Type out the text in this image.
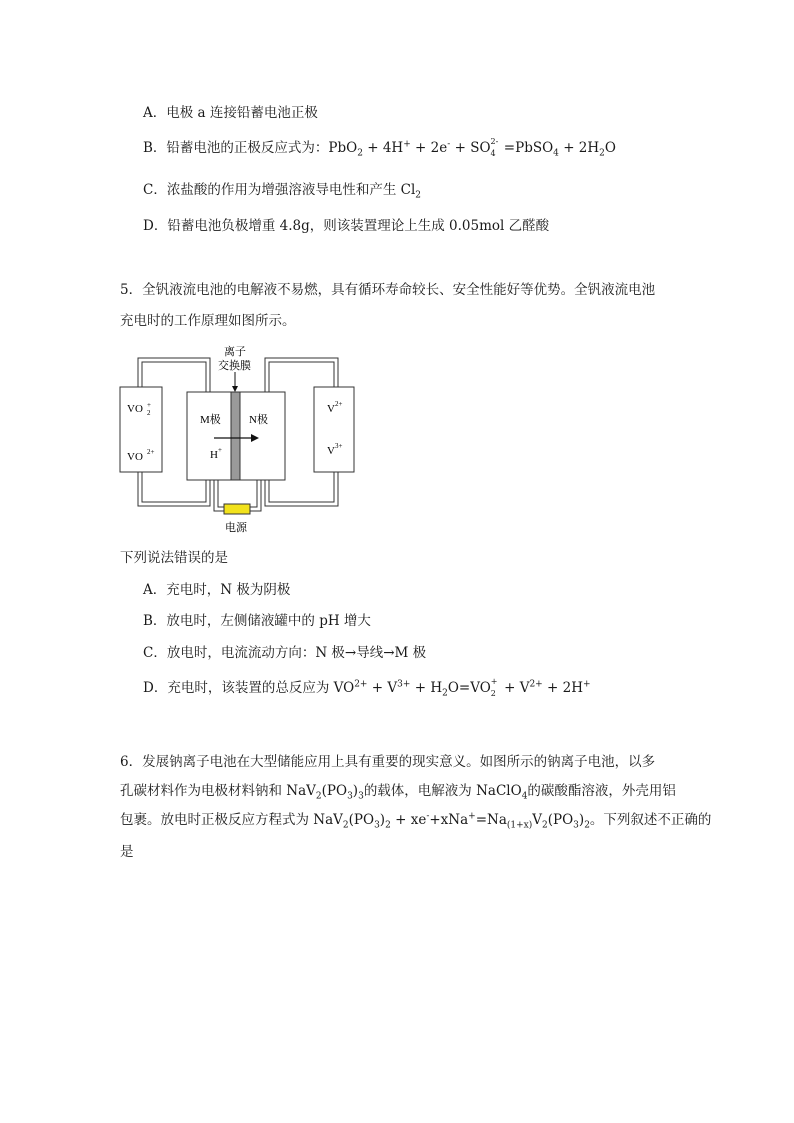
A．电极 a 连接铅蓄电池正极
B．铅蓄电池的正极反应式为：PbO$_2$ + 4H+ + 2e- + SO 2-
4 =PbSO$_4$ + $2H_2O$
C．浓盐酸的作用为增强溶液导电性和产生 $Cl_2$
D．铅蓄电池负极增重 4.8g，则该装置理论上生成 0.05mol 乙醛酸
5．全钒液流电池的电解液不易燃，具有循环寿命较长、安全性能好等优势。全钒液流电池
充电时的工作原理如图所示。
VO +
2
VO 2+
V 2+
V 3+
M极	N极
H +
离子
交换膜
电源
下列说法错误的是
A．充电时，N 极为阴极
B．放电时，左侧储液罐中的 pH 增大
C．放电时，电流流动方向：N 极→导线→M 极
D．充电时，该装置的总反应为 $VO^{2+} + V^{3+} + H_2O=VO$ +
$2 + V^{2+} + 2H^+$
6．发展钠离子电池在大型储能应用上具有重要的现实意义。如图所示的钠离子电池，以多
孔碳材料作为电极材料钠和 $NaV_2(PO_3)_3$的载体，电解液为 NaClO$_4$的碳酸酯溶液，外壳用铝
包裹。放电时正极反应方程式为 $NaV_2(PO_3)_2 + xe^-+xNa^+=Na_{(1+x)}V_2(PO_3)_2$。下列叙述不正确的
是
